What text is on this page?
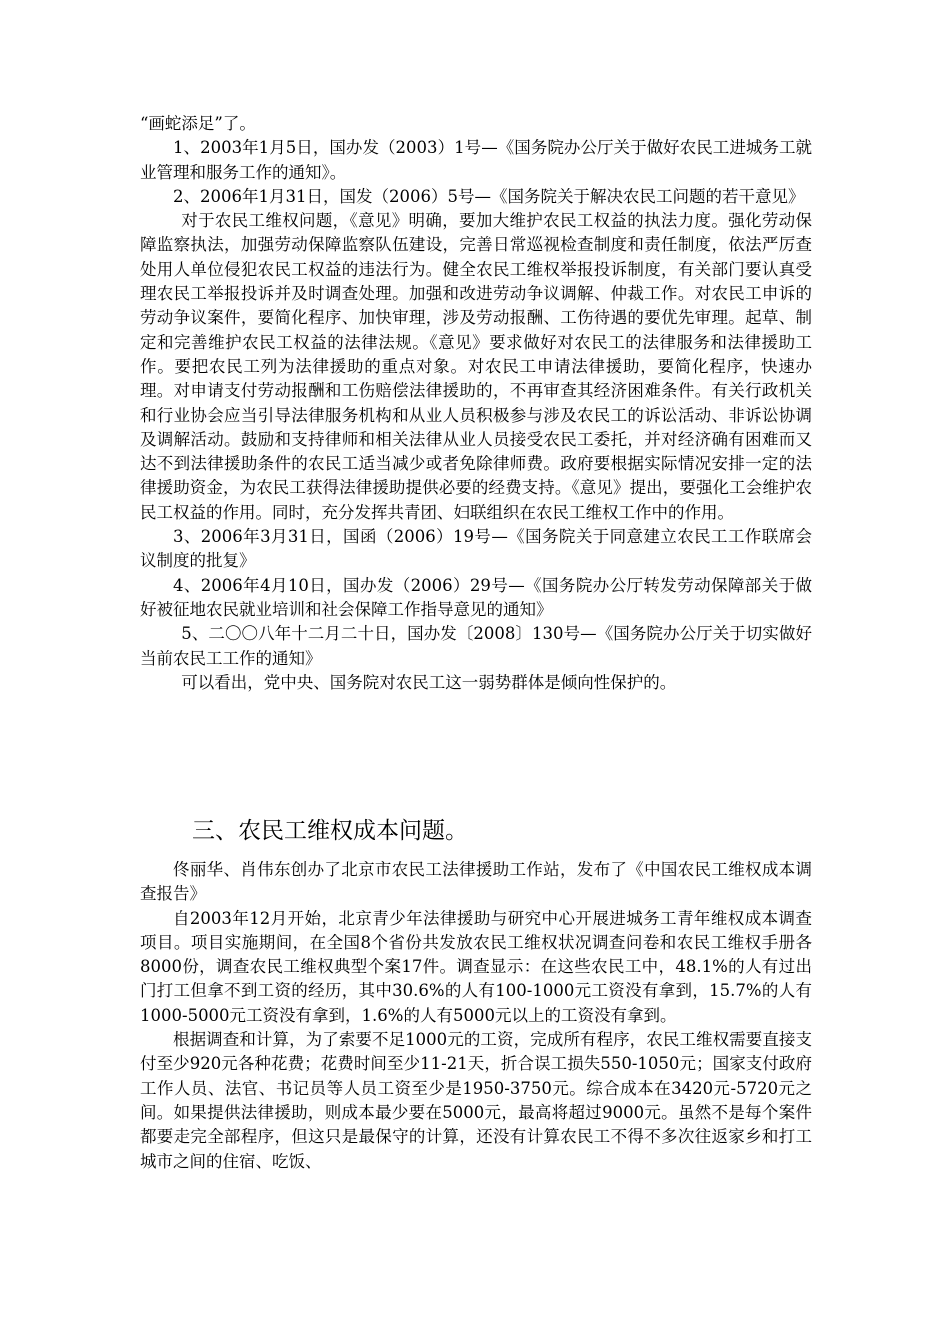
“画蛇添足”了。

1、2003年1月5日，国办发（2003）1号—《国务院办公厅关于做好农民工进城务工就业管理和服务工作的通知》。

2、2006年1月31日，国发（2006）5号—《国务院关于解决农民工问题的若干意见》

对于农民工维权问题，《意见》明确，要加大维护农民工权益的执法力度。强化劳动保障监察执法，加强劳动保障监察队伍建设，完善日常巡视检查制度和责任制度，依法严厉查处用人单位侵犯农民工权益的违法行为。健全农民工维权举报投诉制度，有关部门要认真受理农民工举报投诉并及时调查处理。加强和改进劳动争议调解、仲裁工作。对农民工申诉的劳动争议案件，要简化程序、加快审理，涉及劳动报酬、工伤待遇的要优先审理。起草、制定和完善维护农民工权益的法律法规。《意见》要求做好对农民工的法律服务和法律援助工作。要把农民工列为法律援助的重点对象。对农民工申请法律援助，要简化程序，快速办理。对申请支付劳动报酬和工伤赔偿法律援助的，不再审查其经济困难条件。有关行政机关和行业协会应当引导法律服务机构和从业人员积极参与涉及农民工的诉讼活动、非诉讼协调及调解活动。鼓励和支持律师和相关法律从业人员接受农民工委托，并对经济确有困难而又达不到法律援助条件的农民工适当减少或者免除律师费。政府要根据实际情况安排一定的法律援助资金，为农民工获得法律援助提供必要的经费支持。《意见》提出，要强化工会维护农民工权益的作用。同时，充分发挥共青团、妇联组织在农民工维权工作中的作用。

3、2006年3月31日，国函（2006）19号—《国务院关于同意建立农民工工作联席会议制度的批复》

4、2006年4月10日，国办发（2006）29号—《国务院办公厅转发劳动保障部关于做好被征地农民就业培训和社会保障工作指导意见的通知》

5、二〇〇八年十二月二十日，国办发〔2008〕130号—《国务院办公厅关于切实做好当前农民工工作的通知》

可以看出，党中央、国务院对农民工这一弱势群体是倾向性保护的。

三、农民工维权成本问题。

佟丽华、肖伟东创办了北京市农民工法律援助工作站，发布了《中国农民工维权成本调查报告》

自2003年12月开始，北京青少年法律援助与研究中心开展进城务工青年维权成本调查项目。项目实施期间，在全国8个省份共发放农民工维权状况调查问卷和农民工维权手册各8000份，调查农民工维权典型个案17件。调查显示：在这些农民工中，48.1%的人有过出门打工但拿不到工资的经历，其中30.6%的人有100-1000元工资没有拿到，15.7%的人有1000-5000元工资没有拿到，1.6%的人有5000元以上的工资没有拿到。

根据调查和计算，为了索要不足1000元的工资，完成所有程序，农民工维权需要直接支付至少920元各种花费；花费时间至少11-21天，折合误工损失550-1050元；国家支付政府工作人员、法官、书记员等人员工资至少是1950-3750元。综合成本在3420元-5720元之间。如果提供法律援助，则成本最少要在5000元，最高将超过9000元。虽然不是每个案件都要走完全部程序，但这只是最保守的计算，还没有计算农民工不得不多次往返家乡和打工城市之间的住宿、吃饭、
